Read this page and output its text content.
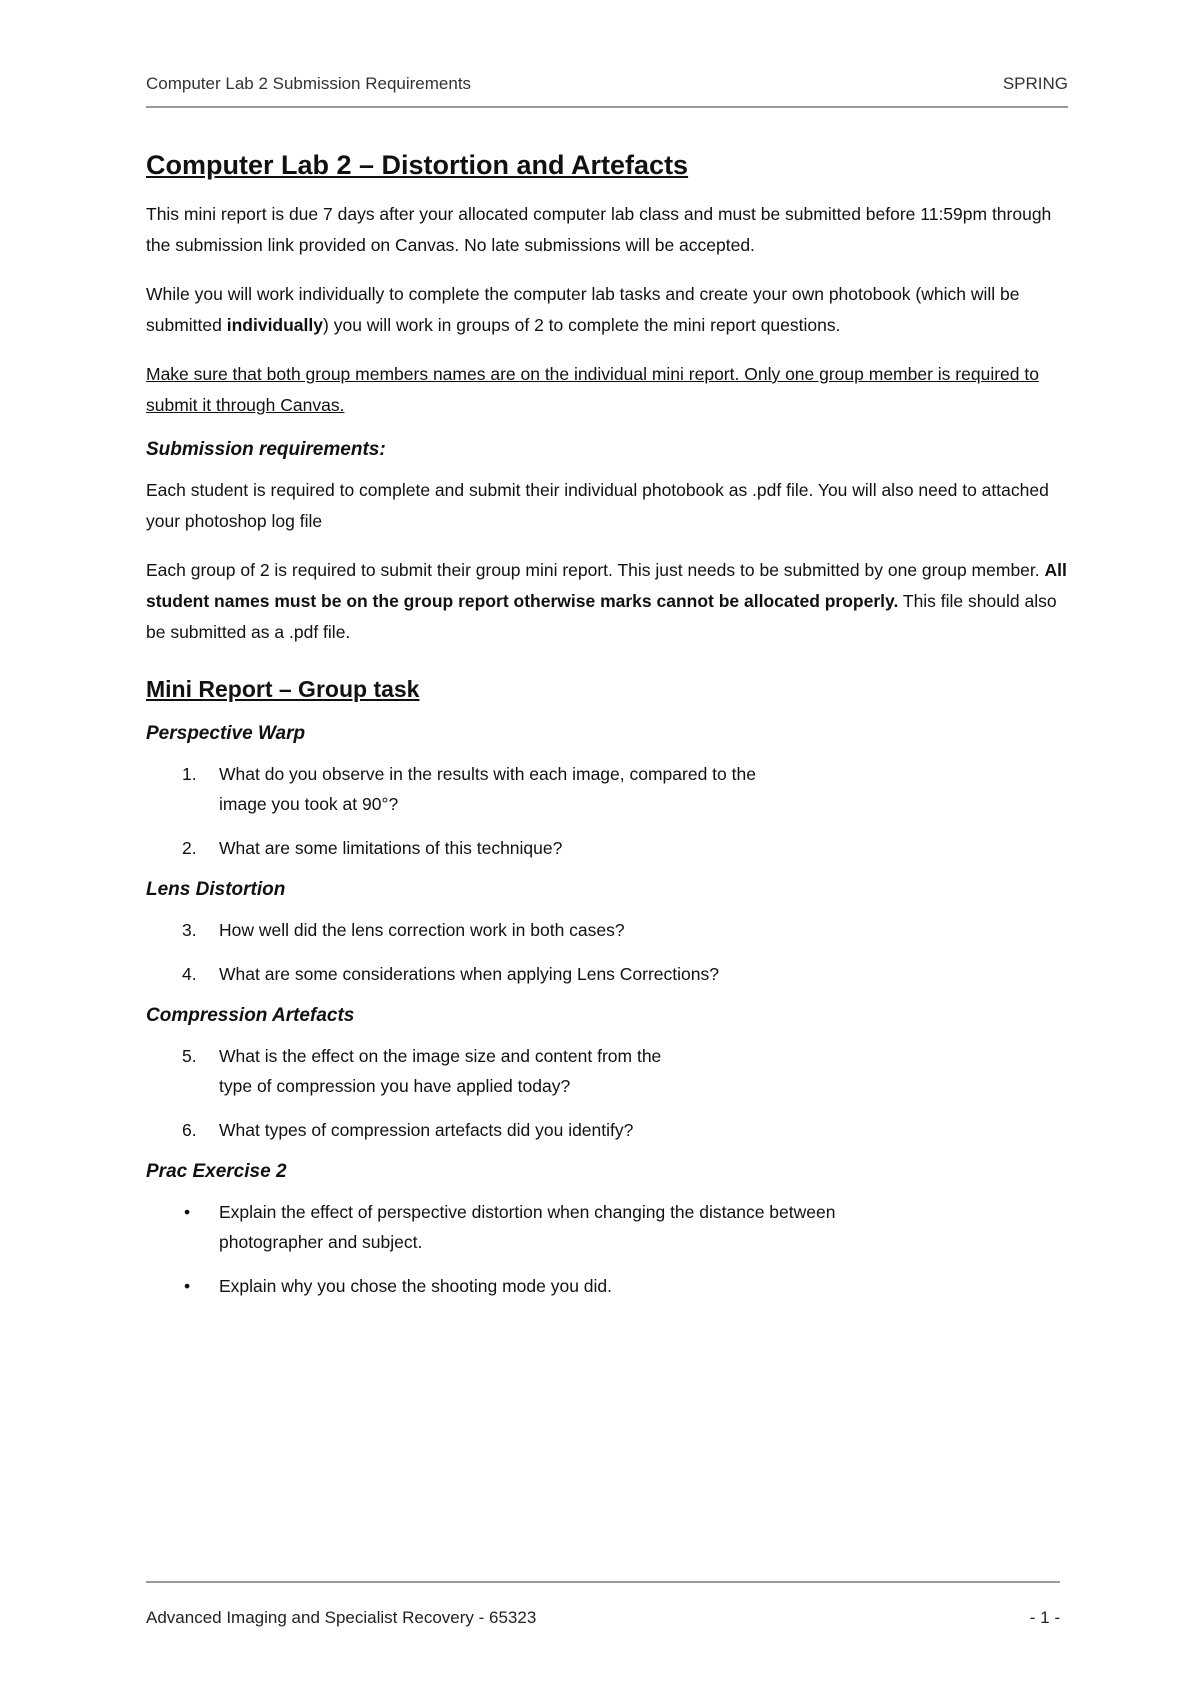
Computer Lab 2 Submission Requirements	SPRING
Computer Lab 2 – Distortion and Artefacts

This mini report is due 7 days after your allocated computer lab class and must be submitted before 11:59pm through the submission link provided on Canvas. No late submissions will be accepted.

While you will work individually to complete the computer lab tasks and create your own photobook (which will be submitted individually) you will work in groups of 2 to complete the mini report questions.

Make sure that both group members names are on the individual mini report. Only one group member is required to submit it through Canvas.

Submission requirements:

Each student is required to complete and submit their individual photobook as .pdf file. You will also need to attached your photoshop log file

Each group of 2 is required to submit their group mini report. This just needs to be submitted by one group member. All student names must be on the group report otherwise marks cannot be allocated properly. This file should also be submitted as a .pdf file.

Mini Report – Group task
Perspective Warp
1. What do you observe in the results with each image, compared to the
image you took at 90°?
2. What are some limitations of this technique?
Lens Distortion
3. How well did the lens correction work in both cases?
4. What are some considerations when applying Lens Corrections?
Compression Artefacts
5. What is the effect on the image size and content from the
type of compression you have applied today?
6. What types of compression artefacts did you identify?
Prac Exercise 2
• Explain the effect of perspective distortion when changing the distance between
photographer and subject.
• Explain why you chose the shooting mode you did.
Advanced Imaging and Specialist Recovery - 65323	- 1 -
